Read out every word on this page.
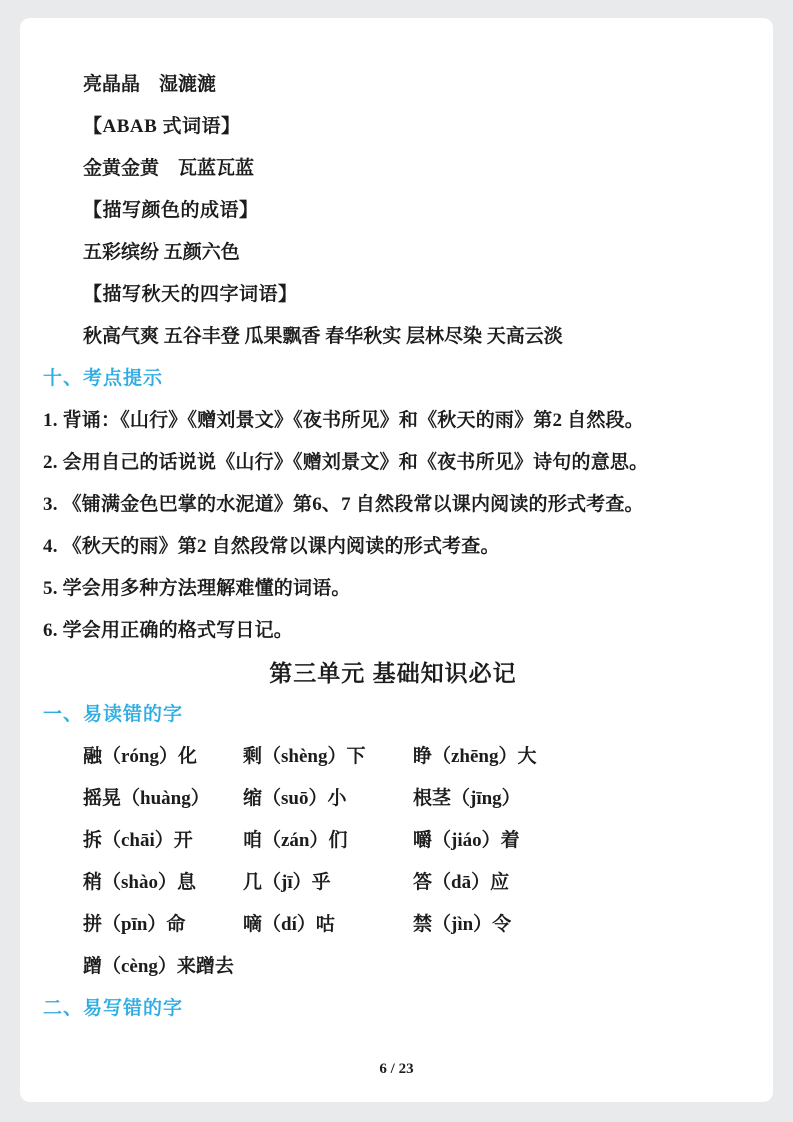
亮晶晶　湿漉漉
【ABAB 式词语】
金黄金黄　瓦蓝瓦蓝
【描写颜色的成语】
五彩缤纷 五颜六色
【描写秋天的四字词语】
秋高气爽 五谷丰登 瓜果飘香 春华秋实 层林尽染 天高云淡
十、考点提示
1. 背诵：《山行》《赠刘景文》《夜书所见》和《秋天的雨》第2 自然段。
2. 会用自己的话说说《山行》《赠刘景文》和《夜书所见》诗句的意思。
3. 《铺满金色巴掌的水泥道》第6、7 自然段常以课内阅读的形式考查。
4. 《秋天的雨》第2 自然段常以课内阅读的形式考查。
5. 学会用多种方法理解难懂的词语。
6. 学会用正确的格式写日记。
第三单元 基础知识必记
一、易读错的字
融（róng）化	剩（shèng）下	睁（zhēng）大
摇晃（huàng）	缩（suō）小	根茎（jīng）
拆（chāi）开	咱（zán）们	嚼（jiáo）着
稍（shào）息	几（jī）乎	答（dā）应
拼（pīn）命	嘀（dí）咕	禁（jìn）令
蹭（cèng）来蹭去
二、易写错的字
6 / 23
